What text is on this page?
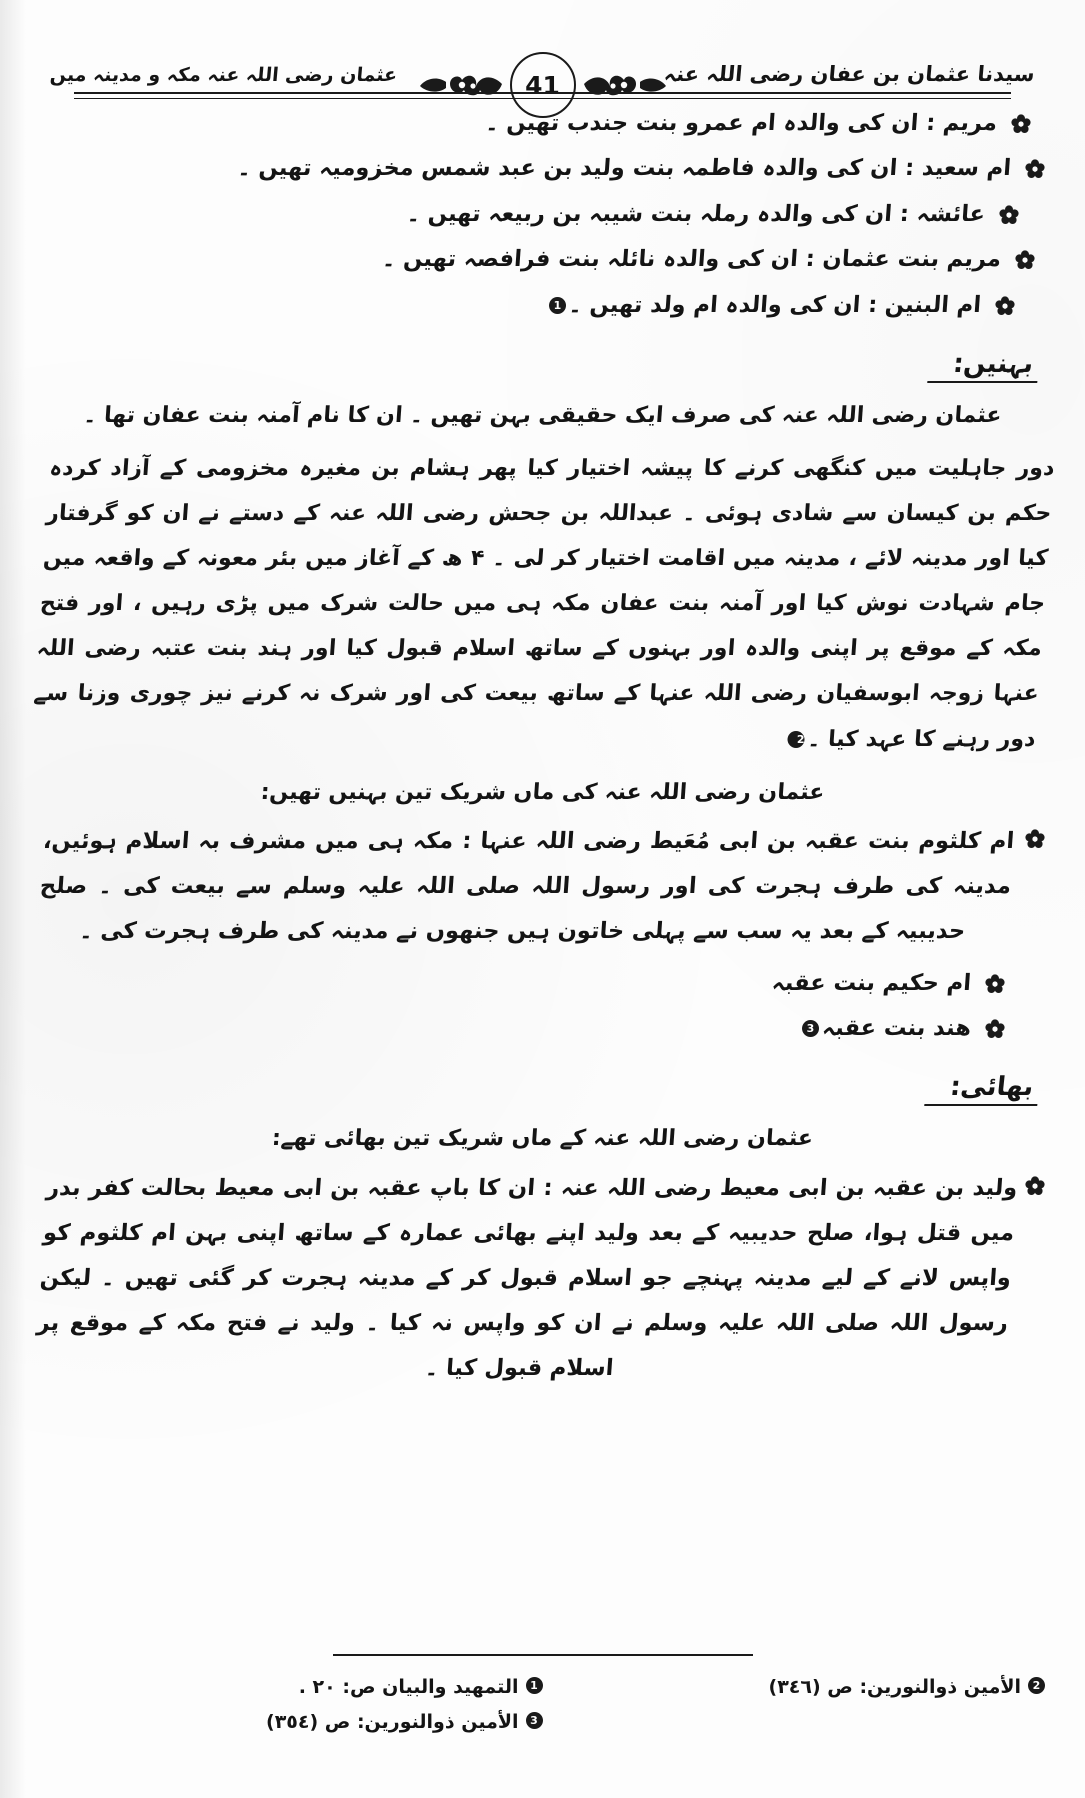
سیدنا عثمان بن عفان رضی اللہ عنہ
عثمان رضی اللہ عنہ مکہ و مدینہ میں	41
مریم : ان کی والدہ ام عمرو بنت جندب تھیں ۔
ام سعید : ان کی والدہ فاطمہ بنت ولید بن عبد شمس مخزومیہ تھیں ۔
عائشہ : ان کی والدہ رملہ بنت شیبہ بن ربیعہ تھیں ۔
مریم بنت عثمان : ان کی والدہ نائلہ بنت فرافصہ تھیں ۔
ام البنین : ان کی والدہ ام ولد تھیں ۔1
بہنیں:
عثمان رضی اللہ عنہ کی صرف ایک حقیقی بہن تھیں ۔ ان کا نام آمنہ بنت عفان تھا ۔
دور جاہلیت میں کنگھی کرنے کا پیشہ اختیار کیا پھر ہشام بن مغیرہ مخزومی کے آزاد کردہ حکم بن کیسان سے شادی ہوئی ۔ عبداللہ بن جحش رضی اللہ عنہ کے دستے نے ان کو گرفتار کیا اور مدینہ لائے ، مدینہ میں اقامت اختیار کر لی ۔ ۴ ھ کے آغاز میں بئر معونہ کے واقعہ میں جام شہادت نوش کیا اور آمنہ بنت عفان مکہ ہی میں حالت شرک میں پڑی رہیں ، اور فتح مکہ کے موقع پر اپنی والدہ اور بہنوں کے ساتھ اسلام قبول کیا اور ہند بنت عتبہ رضی اللہ عنہا زوجہ ابوسفیان رضی اللہ عنہا کے ساتھ بیعت کی اور شرک نہ کرنے نیز چوری وزنا سے دور رہنے کا عہد کیا ۔2
عثمان رضی اللہ عنہ کی ماں شریک تین بہنیں تھیں:
ام کلثوم بنت عقبہ بن ابی مُعَیط رضی اللہ عنہا : مکہ ہی میں مشرف بہ اسلام ہوئیں، مدینہ کی طرف ہجرت کی اور رسول اللہ صلی اللہ علیہ وسلم سے بیعت کی ۔ صلح حدیبیہ کے بعد یہ سب سے پہلی خاتون ہیں جنھوں نے مدینہ کی طرف ہجرت کی ۔
ام حکیم بنت عقبہ
ھند بنت عقبہ3
بھائی:
عثمان رضی اللہ عنہ کے ماں شریک تین بھائی تھے:
ولید بن عقبہ بن ابی معیط رضی اللہ عنہ : ان کا باپ عقبہ بن ابی معیط بحالت کفر بدر میں قتل ہوا، صلح حدیبیہ کے بعد ولید اپنے بھائی عمارہ کے ساتھ اپنی بہن ام کلثوم کو واپس لانے کے لیے مدینہ پہنچے جو اسلام قبول کر کے مدینہ ہجرت کر گئی تھیں ۔ لیکن رسول اللہ صلی اللہ علیہ وسلم نے ان کو واپس نہ کیا ۔ ولید نے فتح مکہ کے موقع پر اسلام قبول کیا ۔
2
الأمين ذوالنورين: ص (٣٤٦)
1
التمهيد والبيان ص: ٢٠ .
3
الأمين ذوالنورين: ص (٣٥٤)
